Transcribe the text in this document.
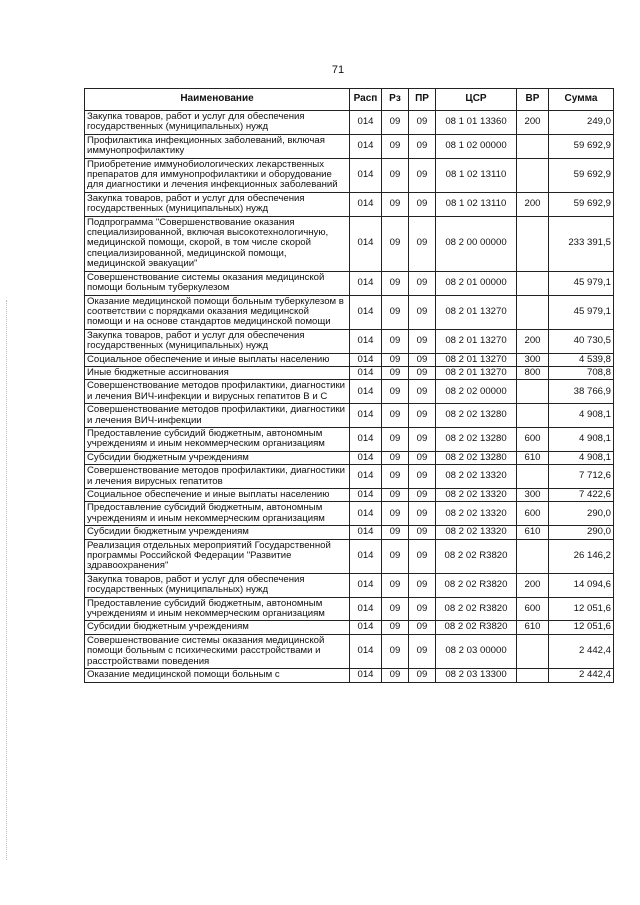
71
Наименование	Расп	Рз	ПР	ЦСР	ВР	Сумма
Закупка товаров, работ и услуг для обеспечения государственных (муниципальных) нужд	014	09	09	08 1 01 13360	200	249,0
Профилактика инфекционных заболеваний, включая иммунопрофилактику	014	09	09	08 1 02 00000		59 692,9
Приобретение иммунобиологических лекарственных препаратов для иммунопрофилактики и оборудование для диагностики и лечения инфекционных заболеваний	014	09	09	08 1 02 13110		59 692,9
Закупка товаров, работ и услуг для обеспечения государственных (муниципальных) нужд	014	09	09	08 1 02 13110	200	59 692,9
Подпрограмма "Совершенствование оказания специализированной, включая высокотехнологичную, медицинской помощи, скорой, в том числе скорой специализированной, медицинской помощи, медицинской эвакуации"	014	09	09	08 2 00 00000		233 391,5
Совершенствование системы оказания медицинской помощи больным туберкулезом	014	09	09	08 2 01 00000		45 979,1
Оказание медицинской помощи больным туберкулезом в соответствии с порядками оказания медицинской помощи и на основе стандартов медицинской помощи	014	09	09	08 2 01 13270		45 979,1
Закупка товаров, работ и услуг для обеспечения государственных (муниципальных) нужд	014	09	09	08 2 01 13270	200	40 730,5
Социальное обеспечение и иные выплаты населению	014	09	09	08 2 01 13270	300	4 539,8
Иные бюджетные ассигнования	014	09	09	08 2 01 13270	800	708,8
Совершенствование методов профилактики, диагностики и лечения ВИЧ-инфекции и вирусных гепатитов В и С	014	09	09	08 2 02 00000		38 766,9
Совершенствование методов профилактики, диагностики и лечения ВИЧ-инфекции	014	09	09	08 2 02 13280		4 908,1
Предоставление субсидий бюджетным, автономным учреждениям и иным некоммерческим организациям	014	09	09	08 2 02 13280	600	4 908,1
Субсидии бюджетным учреждениям	014	09	09	08 2 02 13280	610	4 908,1
Совершенствование методов профилактики, диагностики и лечения вирусных гепатитов	014	09	09	08 2 02 13320		7 712,6
Социальное обеспечение и иные выплаты населению	014	09	09	08 2 02 13320	300	7 422,6
Предоставление субсидий бюджетным, автономным учреждениям и иным некоммерческим организациям	014	09	09	08 2 02 13320	600	290,0
Субсидии бюджетным учреждениям	014	09	09	08 2 02 13320	610	290,0
Реализация отдельных мероприятий Государственной программы Российской Федерации "Развитие здравоохранения"	014	09	09	08 2 02 R3820		26 146,2
Закупка товаров, работ и услуг для обеспечения государственных (муниципальных) нужд	014	09	09	08 2 02 R3820	200	14 094,6
Предоставление субсидий бюджетным, автономным учреждениям и иным некоммерческим организациям	014	09	09	08 2 02 R3820	600	12 051,6
Субсидии бюджетным учреждениям	014	09	09	08 2 02 R3820	610	12 051,6
Совершенствование системы оказания медицинской помощи больным с психическими расстройствами и расстройствами поведения	014	09	09	08 2 03 00000		2 442,4
Оказание медицинской помощи больным с	014	09	09	08 2 03 13300		2 442,4
